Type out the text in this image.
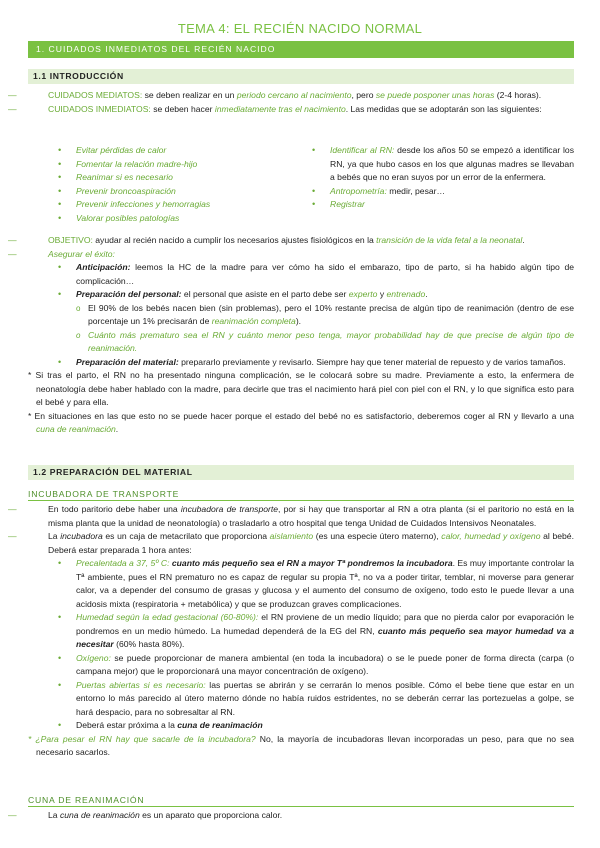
TEMA 4: EL RECIÉN NACIDO NORMAL
1. CUIDADOS INMEDIATOS DEL RECIÉN NACIDO
1.1 INTRODUCCIÓN
—	CUIDADOS MEDIATOS: se deben realizar en un periodo cercano al nacimiento, pero se puede posponer unas horas (2-4 horas).
—	CUIDADOS INMEDIATOS: se deben hacer inmediatamente tras el nacimiento. Las medidas que se adoptarán son las siguientes:
• Evitar pérdidas de calor
• Fomentar la relación madre-hijo
• Reanimar si es necesario
• Prevenir broncoaspiración
• Prevenir infecciones y hemorragias
• Valorar posibles patologías
• Identificar al RN: desde los años 50 se empezó a identificar los RN, ya que hubo casos en los que algunas madres se llevaban a bebés que no eran suyos por un error de la enfermera.
• Antropometría: medir, pesar…
• Registrar
—	OBJETIVO: ayudar al recién nacido a cumplir los necesarios ajustes fisiológicos en la transición de la vida fetal a la neonatal.
—	Asegurar el éxito:
• Anticipación: leemos la HC de la madre para ver cómo ha sido el embarazo, tipo de parto, si ha habido algún tipo de complicación…
• Preparación del personal: el personal que asiste en el parto debe ser experto y entrenado.
o El 90% de los bebés nacen bien (sin problemas), pero el 10% restante precisa de algún tipo de reanimación (dentro de ese porcentaje un 1% precisarán de reanimación completa).
o Cuánto más prematuro sea el RN y cuánto menor peso tenga, mayor probabilidad hay de que precise de algún tipo de reanimación.
• Preparación del material: prepararlo previamente y revisarlo. Siempre hay que tener material de repuesto y de varios tamaños.
* Si tras el parto, el RN no ha presentado ninguna complicación, se le colocará sobre su madre. Previamente a esto, la enfermera de neonatología debe haber hablado con la madre, para decirle que tras el nacimiento hará piel con piel con el RN, y lo que significa esto para el bebé y para ella.
* En situaciones en las que esto no se puede hacer porque el estado del bebé no es satisfactorio, deberemos coger al RN y llevarlo a una cuna de reanimación.
1.2 PREPARACIÓN DEL MATERIAL
INCUBADORA DE TRANSPORTE
—	En todo paritorio debe haber una incubadora de transporte, por si hay que transportar al RN a otra planta (si el paritorio no está en la misma planta que la unidad de neonatología) o trasladarlo a otro hospital que tenga Unidad de Cuidados Intensivos Neonatales.
—	La incubadora es un caja de metacrilato que proporciona aislamiento (es una especie útero materno), calor, humedad y oxígeno al bebé. Deberá estar preparada 1 hora antes:
• Precalentada a 37, 5º C: cuanto más pequeño sea el RN a mayor Tª pondremos la incubadora. Es muy importante controlar la Tª ambiente, pues el RN prematuro no es capaz de regular su propia Tª, no va a poder tiritar, temblar, ni moverse para generar calor, va a depender del consumo de grasas y glucosa y el aumento del consumo de oxígeno, todo esto le puede llevar a una acidosis mixta (respiratoria + metabólica) y que se produzcan graves complicaciones.
• Humedad según la edad gestacional (60-80%): el RN proviene de un medio líquido; para que no pierda calor por evaporación le pondremos en un medio húmedo. La humedad dependerá de la EG del RN, cuanto más pequeño sea mayor humedad va a necesitar (60% hasta 80%).
• Oxígeno: se puede proporcionar de manera ambiental (en toda la incubadora) o se le puede poner de forma directa (carpa (o campana mejor) que le proporcionará una mayor concentración de oxígeno).
• Puertas abiertas si es necesario: las puertas se abrirán y se cerrarán lo menos posible. Cómo el bebe tiene que estar en un entorno lo más parecido al útero materno dónde no había ruidos estridentes, no se deberán cerrar las portezuelas a golpe, se hará despacio, para no sobresaltar al RN.
• Deberá estar próxima a la cuna de reanimación
* ¿Para pesar el RN hay que sacarle de la incubadora? No, la mayoría de incubadoras llevan incorporadas un peso, para que no sea necesario sacarlos.
CUNA DE REANIMACIÓN
—	La cuna de reanimación es un aparato que proporciona calor.
